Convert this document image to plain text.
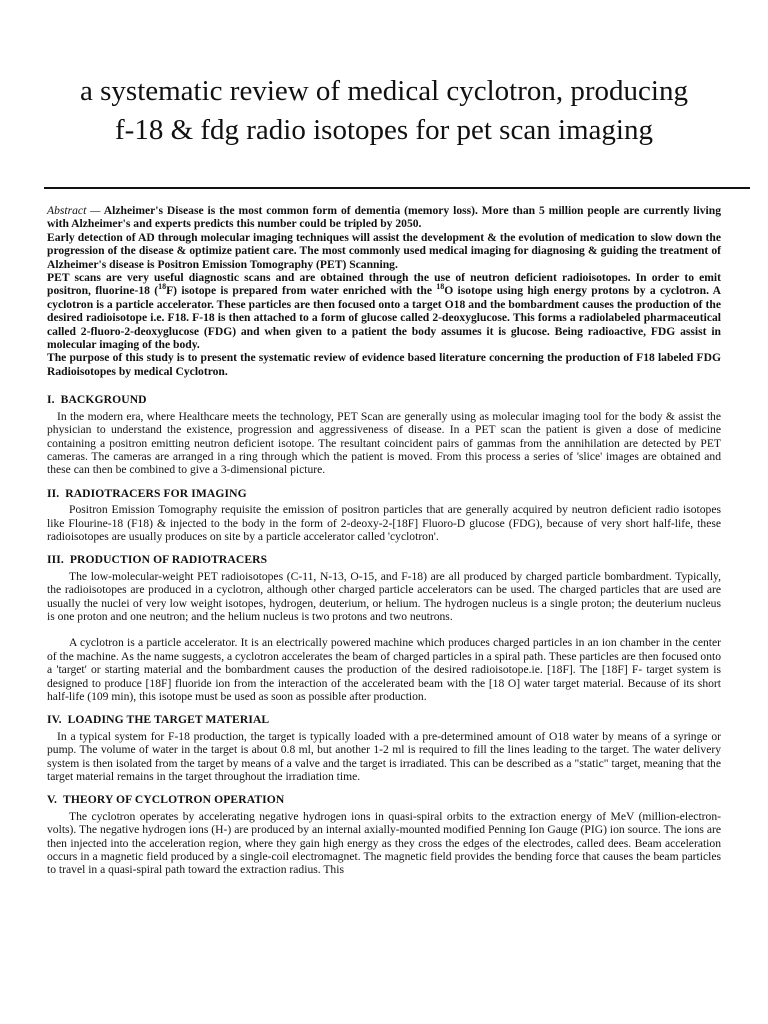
a systematic review of medical cyclotron, producing
f-18 & fdg radio isotopes for pet scan imaging
Abstract — Alzheimer's Disease is the most common form of dementia (memory loss). More than 5 million people are currently living with Alzheimer's and experts predicts this number could be tripled by 2050.
Early detection of AD through molecular imaging techniques will assist the development & the evolution of medication to slow down the progression of the disease & optimize patient care. The most commonly used medical imaging for diagnosing & guiding the treatment of Alzheimer's disease is Positron Emission Tomography (PET) Scanning.
PET scans are very useful diagnostic scans and are obtained through the use of neutron deficient radioisotopes. In order to emit positron, fluorine-18 ($^{18}$F) isotope is prepared from water enriched with the $^{18}$O isotope using high energy protons by a cyclotron. A cyclotron is a particle accelerator. These particles are then focused onto a target O18 and the bombardment causes the production of the desired radioisotope i.e. F18. F-18 is then attached to a form of glucose called 2-deoxyglucose. This forms a radiolabeled pharmaceutical called 2-fluoro-2-deoxyglucose (FDG) and when given to a patient the body assumes it is glucose. Being radioactive, FDG assist in molecular imaging of the body.
The purpose of this study is to present the systematic review of evidence based literature concerning the production of F18 labeled FDG Radioisotopes by medical Cyclotron.

I. BACKGROUND

In the modern era, where Healthcare meets the technology, PET Scan are generally using as molecular imaging tool for the body & assist the physician to understand the existence, progression and aggressiveness of disease. In a PET scan the patient is given a dose of medicine containing a positron emitting neutron deficient isotope. The resultant coincident pairs of gammas from the annihilation are detected by PET cameras. The cameras are arranged in a ring through which the patient is moved. From this process a series of 'slice' images are obtained and these can then be combined to give a 3-dimensional picture.

II. RADIOTRACERS FOR IMAGING

Positron Emission Tomography requisite the emission of positron particles that are generally acquired by neutron deficient radio isotopes like Flourine-18 (F18) & injected to the body in the form of 2-deoxy-2-[18F] Fluoro-D glucose (FDG), because of very short half-life, these radioisotopes are usually produces on site by a particle accelerator called 'cyclotron'.

III. PRODUCTION OF RADIOTRACERS

The low-molecular-weight PET radioisotopes (C-11, N-13, O-15, and F-18) are all produced by charged particle bombardment. Typically, the radioisotopes are produced in a cyclotron, although other charged particle accelerators can be used. The charged particles that are used are usually the nuclei of very low weight isotopes, hydrogen, deuterium, or helium. The hydrogen nucleus is a single proton; the deuterium nucleus is one proton and one neutron; and the helium nucleus is two protons and two neutrons.

A cyclotron is a particle accelerator. It is an electrically powered machine which produces charged particles in an ion chamber in the center of the machine. As the name suggests, a cyclotron accelerates the beam of charged particles in a spiral path. These particles are then focused onto a 'target' or starting material and the bombardment causes the production of the desired radioisotope.ie. [18F]. The [18F] F- target system is designed to produce [18F] fluoride ion from the interaction of the accelerated beam with the [18 O] water target material. Because of its short half-life (109 min), this isotope must be used as soon as possible after production.

IV. LOADING THE TARGET MATERIAL

In a typical system for F-18 production, the target is typically loaded with a pre-determined amount of O18 water by means of a syringe or pump. The volume of water in the target is about 0.8 ml, but another 1-2 ml is required to fill the lines leading to the target. The water delivery system is then isolated from the target by means of a valve and the target is irradiated. This can be described as a "static" target, meaning that the target material remains in the target throughout the irradiation time.

V. THEORY OF CYCLOTRON OPERATION

The cyclotron operates by accelerating negative hydrogen ions in quasi-spiral orbits to the extraction energy of MeV (million-electron-volts). The negative hydrogen ions (H-) are produced by an internal axially-mounted modified Penning Ion Gauge (PIG) ion source. The ions are then injected into the acceleration region, where they gain high energy as they cross the edges of the electrodes, called dees. Beam acceleration occurs in a magnetic field produced by a single-coil electromagnet. The magnetic field provides the bending force that causes the beam particles to travel in a quasi-spiral path toward the extraction radius. This
